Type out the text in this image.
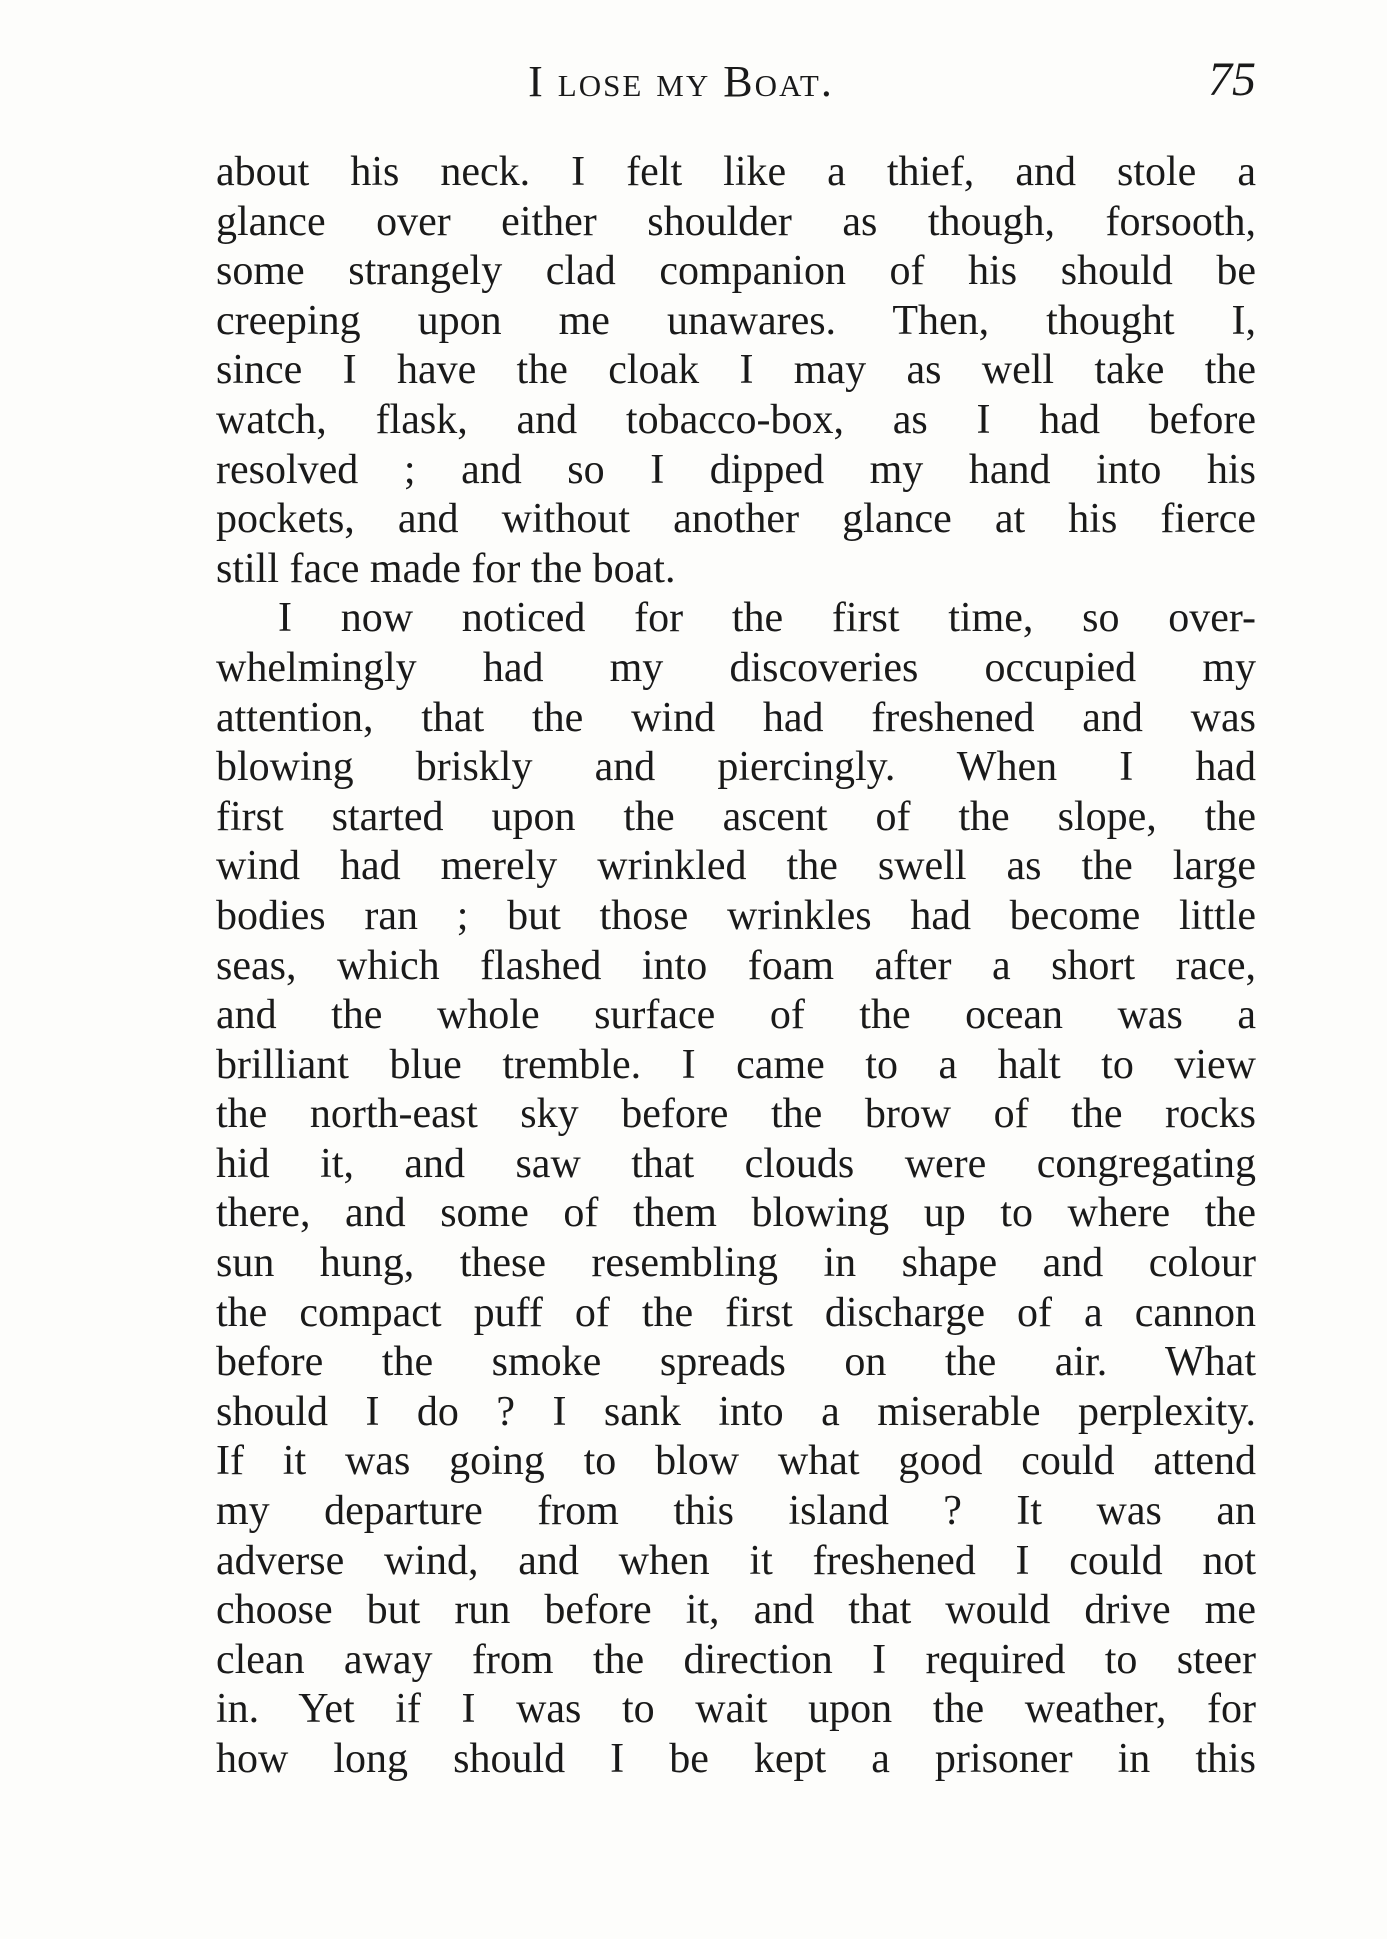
I lose my Boat.	75
about his neck. I felt like a thief, and stole a
glance over either shoulder as though, forsooth,
some strangely clad companion of his should be
creeping upon me unawares. Then, thought I,
since I have the cloak I may as well take the
watch, flask, and tobacco-box, as I had before
resolved ; and so I dipped my hand into his
pockets, and without another glance at his fierce
still face made for the boat.
I now noticed for the first time, so over-
whelmingly had my discoveries occupied my
attention, that the wind had freshened and was
blowing briskly and piercingly. When I had
first started upon the ascent of the slope, the
wind had merely wrinkled the swell as the large
bodies ran ; but those wrinkles had become little
seas, which flashed into foam after a short race,
and the whole surface of the ocean was a
brilliant blue tremble. I came to a halt to view
the north-east sky before the brow of the rocks
hid it, and saw that clouds were congregating
there, and some of them blowing up to where the
sun hung, these resembling in shape and colour
the compact puff of the first discharge of a cannon
before the smoke spreads on the air. What
should I do ? I sank into a miserable perplexity.
If it was going to blow what good could attend
my departure from this island ? It was an
adverse wind, and when it freshened I could not
choose but run before it, and that would drive me
clean away from the direction I required to steer
in. Yet if I was to wait upon the weather, for
how long should I be kept a prisoner in this
